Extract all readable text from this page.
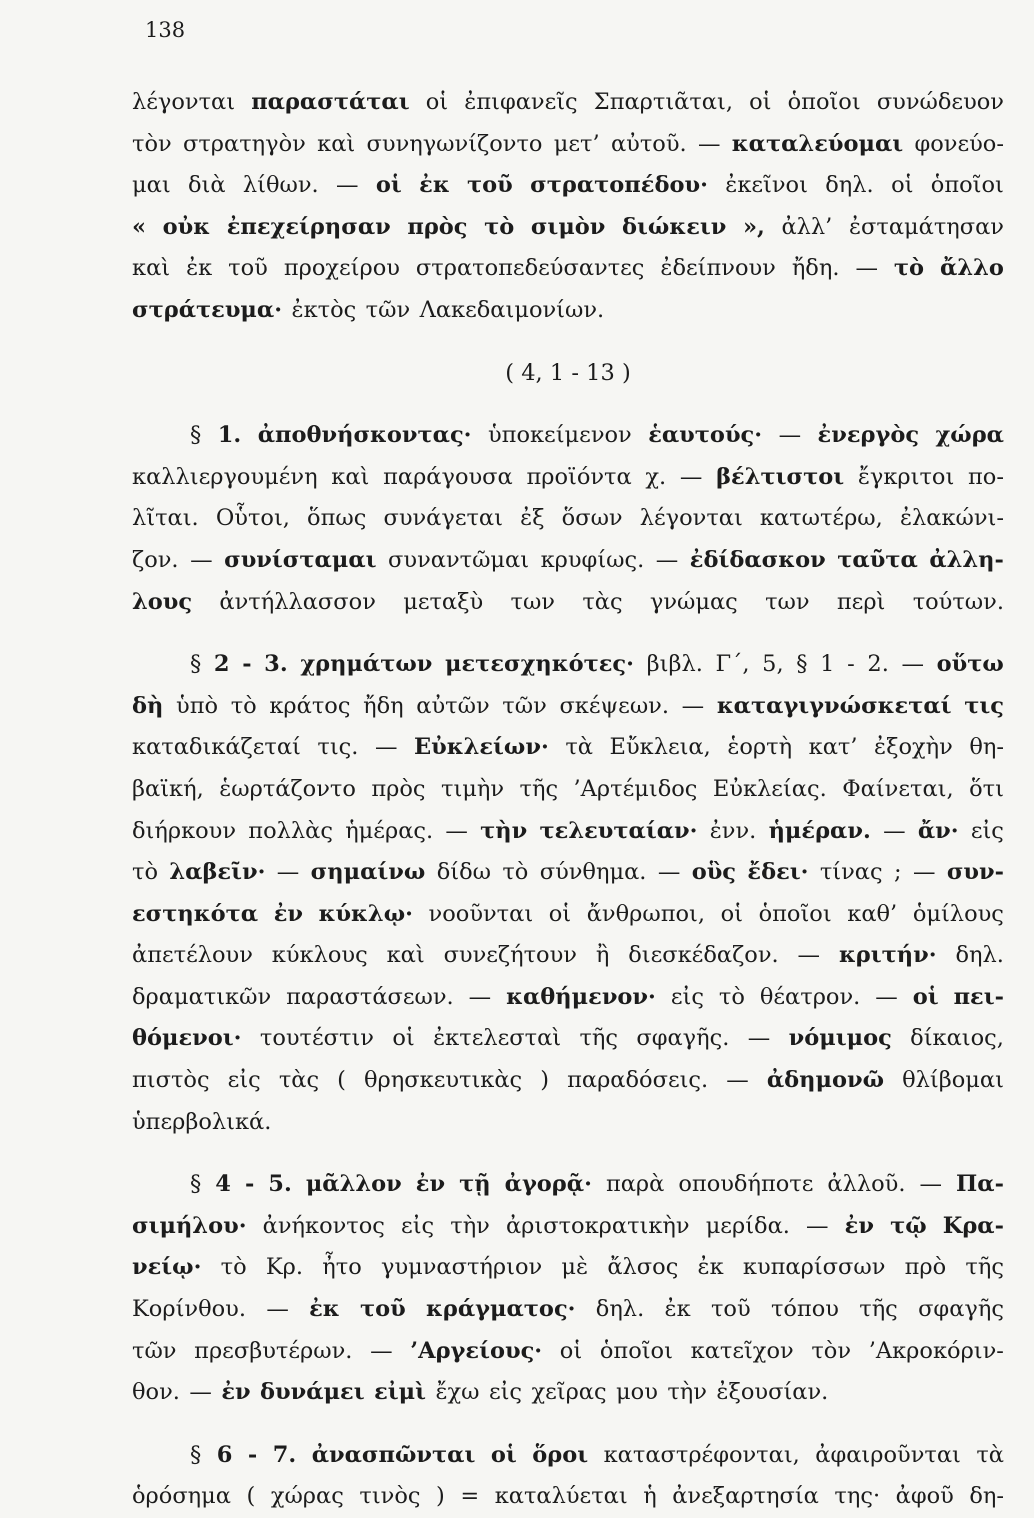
138
λέγονται παραστάται οἱ ἐπιφανεῖς Σπαρτιᾶται, οἱ ὁποῖοι συνώδευον
τὸν στρατηγὸν καὶ συνηγωνίζοντο μετ’ αὐτοῦ. — καταλεύομαι φονεύο-
μαι διὰ λίθων. — οἱ ἐκ τοῦ στρατοπέδου· ἐκεῖνοι δηλ. οἱ ὁποῖοι
« οὐκ ἐπεχείρησαν πρὸς τὸ σιμὸν διώκειν », ἀλλ’ ἐσταμάτησαν
καὶ ἐκ τοῦ προχείρου στρατοπεδεύσαντες ἐδείπνουν ἤδη. — τὸ ἄλλο
στράτευμα· ἐκτὸς τῶν Λακεδαιμονίων.
( 4, 1 - 13 )
§ 1. ἀποθνήσκοντας· ὑποκείμενον ἑαυτούς· — ἐνεργὸς χώρα
καλλιεργουμένη καὶ παράγουσα προϊόντα χ. — βέλτιστοι ἔγκριτοι πο-
λῖται. Οὗτοι, ὅπως συνάγεται ἐξ ὅσων λέγονται κατωτέρω, ἐλακώνι-
ζον. — συνίσταμαι συναντῶμαι κρυφίως. — ἐδίδασκον ταῦτα ἀλλη-
λους ἀντήλλασσον μεταξὺ των τὰς γνώμας των περὶ τούτων.
§ 2 - 3. χρημάτων μετεσχηκότες· βιβλ. Γ΄, 5, § 1 - 2. — οὕτω
δὴ ὑπὸ τὸ κράτος ἤδη αὐτῶν τῶν σκέψεων. — καταγιγνώσκεταί τις
καταδικάζεταί τις. — Εὐκλείων· τὰ Εὔκλεια, ἑορτὴ κατ’ ἐξοχὴν θη-
βαϊκή, ἑωρτάζοντο πρὸς τιμὴν τῆς ’Αρτέμιδος Εὐκλείας. Φαίνεται, ὅτι
διήρκουν πολλὰς ἡμέρας. — τὴν τελευταίαν· ἐνν. ἡμέραν. — ἄν· εἰς
τὸ λαβεῖν· — σημαίνω δίδω τὸ σύνθημα. — οὓς ἔδει· τίνας ; — συν-
εστηκότα ἐν κύκλῳ· νοοῦνται οἱ ἄνθρωποι, οἱ ὁποῖοι καθ’ ὁμίλους
ἀπετέλουν κύκλους καὶ συνεζήτουν ἢ διεσκέδαζον. — κριτήν· δηλ.
δραματικῶν παραστάσεων. — καθήμενον· εἰς τὸ θέατρον. — οἱ πει-
θόμενοι· τουτέστιν οἱ ἐκτελεσταὶ τῆς σφαγῆς. — νόμιμος δίκαιος,
πιστὸς εἰς τὰς ( θρησκευτικὰς ) παραδόσεις. — ἀδημονῶ θλίβομαι
ὑπερβολικά.
§ 4 - 5. μᾶλλον ἐν τῇ ἀγορᾷ· παρὰ οπουδήποτε ἀλλοῦ. — Πα-
σιμήλου· ἀνήκοντος εἰς τὴν ἀριστοκρατικὴν μερίδα. — ἐν τῷ Κρα-
νείῳ· τὸ Κρ. ἦτο γυμναστήριον μὲ ἄλσος ἐκ κυπαρίσσων πρὸ τῆς
Κορίνθου. — ἐκ τοῦ κράγματος· δηλ. ἐκ τοῦ τόπου τῆς σφαγῆς
τῶν πρεσβυτέρων. — ’Αργείους· οἱ ὁποῖοι κατεῖχον τὸν ’Ακροκόριν-
θον. — ἐν δυνάμει εἰμὶ ἔχω εἰς χεῖρας μου τὴν ἐξουσίαν.
§ 6 - 7. ἀνασπῶνται οἱ ὅροι καταστρέφονται, ἀφαιροῦνται τὰ
ὁρόσημα ( χώρας τινὸς ) = καταλύεται ἡ ἀνεξαρτησία της· ἀφοῦ δη-
